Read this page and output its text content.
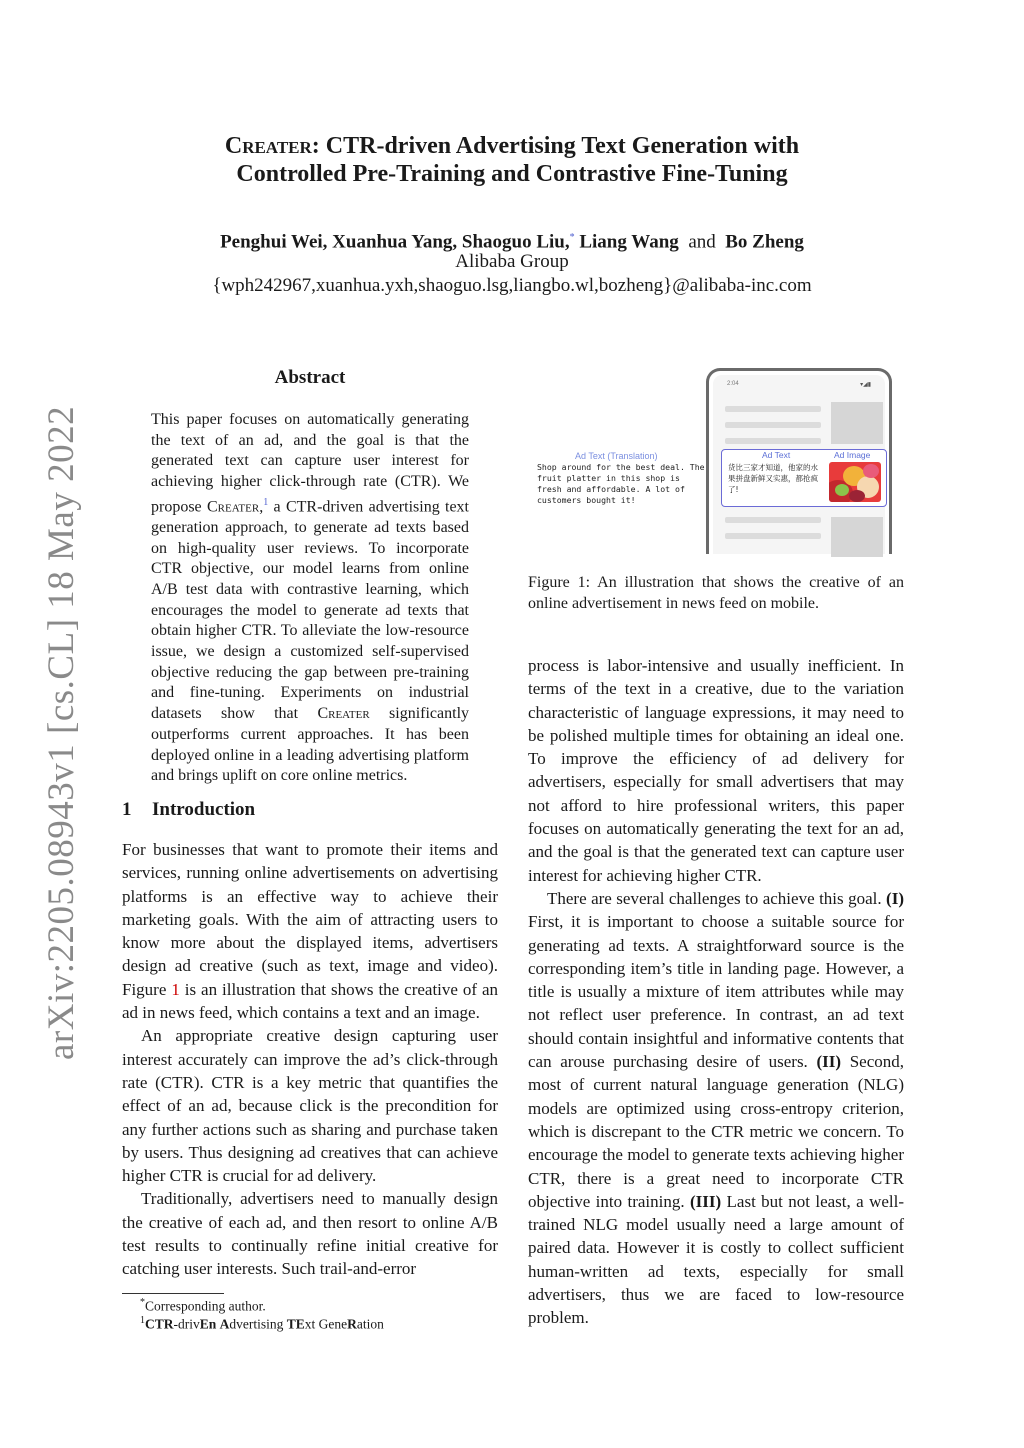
arXiv:2205.08943v1 [cs.CL] 18 May 2022
Creater: CTR-driven Advertising Text Generation with
Controlled Pre-Training and Contrastive Fine-Tuning
Penghui Wei, Xuanhua Yang, Shaoguo Liu,* Liang Wang and Bo Zheng
Alibaba Group
{wph242967,xuanhua.yxh,shaoguo.lsg,liangbo.wl,bozheng}@alibaba-inc.com
Abstract
This paper focuses on automatically generating the text of an ad, and the goal is that the generated text can capture user interest for achieving higher click-through rate (CTR). We propose Creater,$^1$ a CTR-driven advertising text generation approach, to generate ad texts based on high-quality user reviews. To incorporate CTR objective, our model learns from online A/B test data with contrastive learning, which encourages the model to generate ad texts that obtain higher CTR. To alleviate the low-resource issue, we design a customized self-supervised objective reducing the gap between pre-training and fine-tuning. Experiments on industrial datasets show that Creater significantly outperforms current approaches. It has been deployed online in a leading advertising platform and brings uplift on core online metrics.
1 Introduction

For businesses that want to promote their items and services, running online advertisements on advertising platforms is an effective way to achieve their marketing goals. With the aim of attracting users to know more about the displayed items, advertisers design ad creative (such as text, image and video). Figure 1 is an illustration that shows the creative of an ad in news feed, which contains a text and an image.

An appropriate creative design capturing user interest accurately can improve the ad’s click-through rate (CTR). CTR is a key metric that quantifies the effect of an ad, because click is the precondition for any further actions such as sharing and purchase taken by users. Thus designing ad creatives that can achieve higher CTR is crucial for ad delivery.

Traditionally, advertisers need to manually design the creative of each ad, and then resort to online A/B test results to continually refine initial creative for catching user interests. Such trail-and-error

*Corresponding author.
$^1$CTR-drivEn Advertising TExt GeneRation
Ad Text (Translation)
Shop around for the best deal. The fruit platter in this shop is fresh and affordable. A lot of customers bought it!
2:04	▾◢▮
Ad Text	Ad Image
货比三家才知道，他家的水果拼盘新鲜又实惠，都抢疯了!
Figure 1: An illustration that shows the creative of an online advertisement in news feed on mobile.

process is labor-intensive and usually inefficient. In terms of the text in a creative, due to the variation characteristic of language expressions, it may need to be polished multiple times for obtaining an ideal one. To improve the efficiency of ad delivery for advertisers, especially for small advertisers that may not afford to hire professional writers, this paper focuses on automatically generating the text for an ad, and the goal is that the generated text can capture user interest for achieving higher CTR.

There are several challenges to achieve this goal. (I) First, it is important to choose a suitable source for generating ad texts. A straightforward source is the corresponding item’s title in landing page. However, a title is usually a mixture of item attributes while may not reflect user preference. In contrast, an ad text should contain insightful and informative contents that can arouse purchasing desire of users. (II) Second, most of current natural language generation (NLG) models are optimized using cross-entropy criterion, which is discrepant to the CTR metric we concern. To encourage the model to generate texts achieving higher CTR, there is a great need to incorporate CTR objective into training. (III) Last but not least, a well-trained NLG model usually need a large amount of paired data. However it is costly to collect sufficient human-written ad texts, especially for small advertisers, thus we are faced to low-resource problem.
